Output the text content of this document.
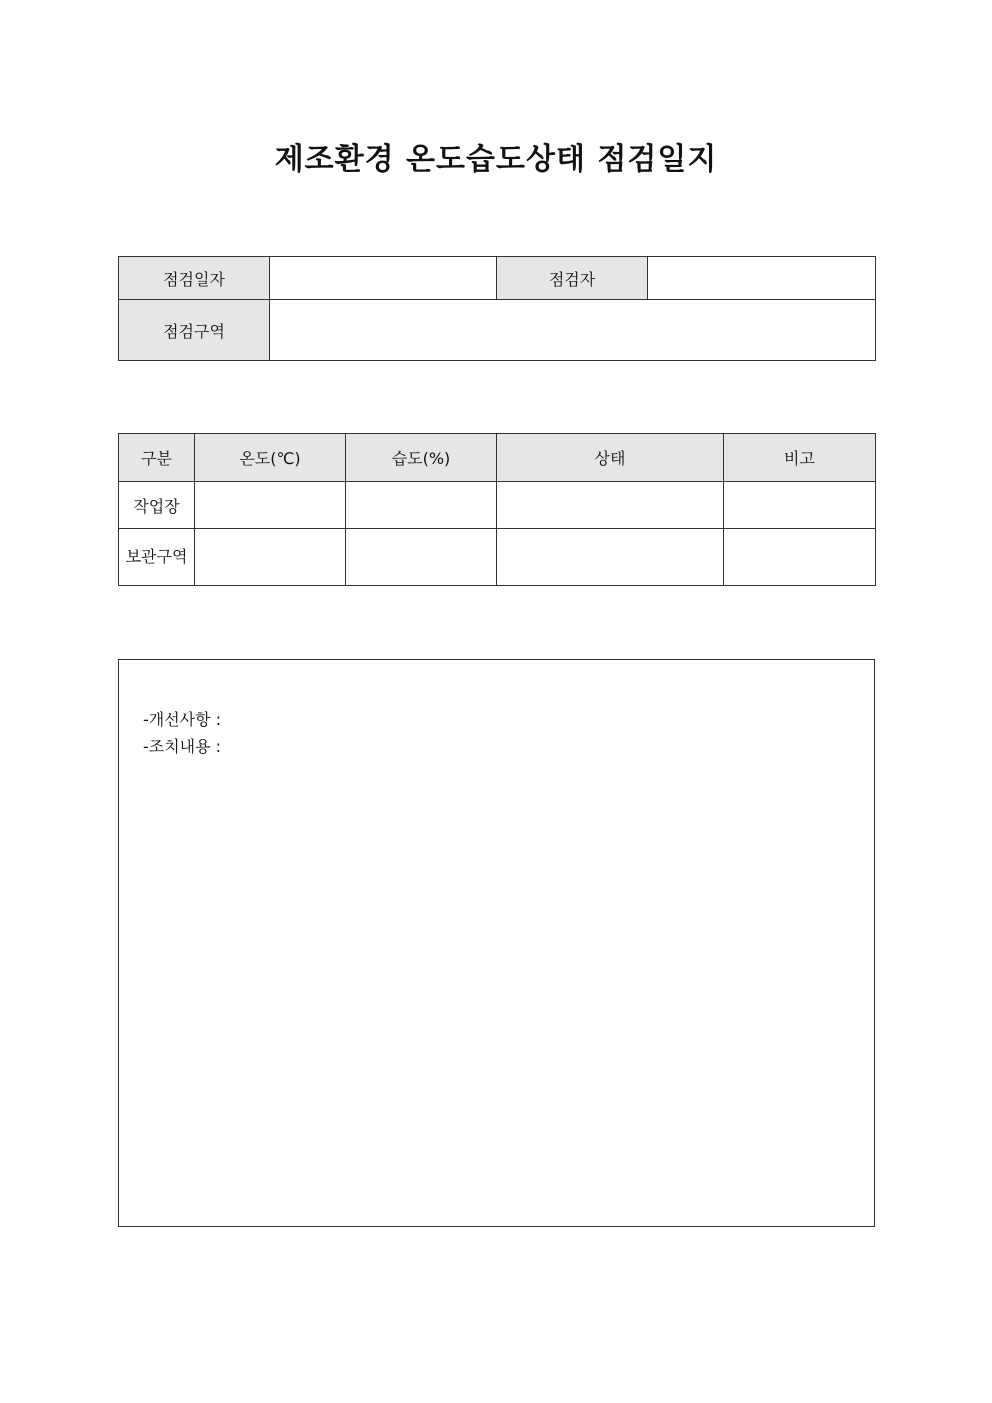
제조환경 온도습도상태 점검일지
점검일자		점검자	
점검구역			
구분	온도(℃)	습도(%)	상태	비고
작업장				
보관구역				
-개선사항 :
-조치내용 :
